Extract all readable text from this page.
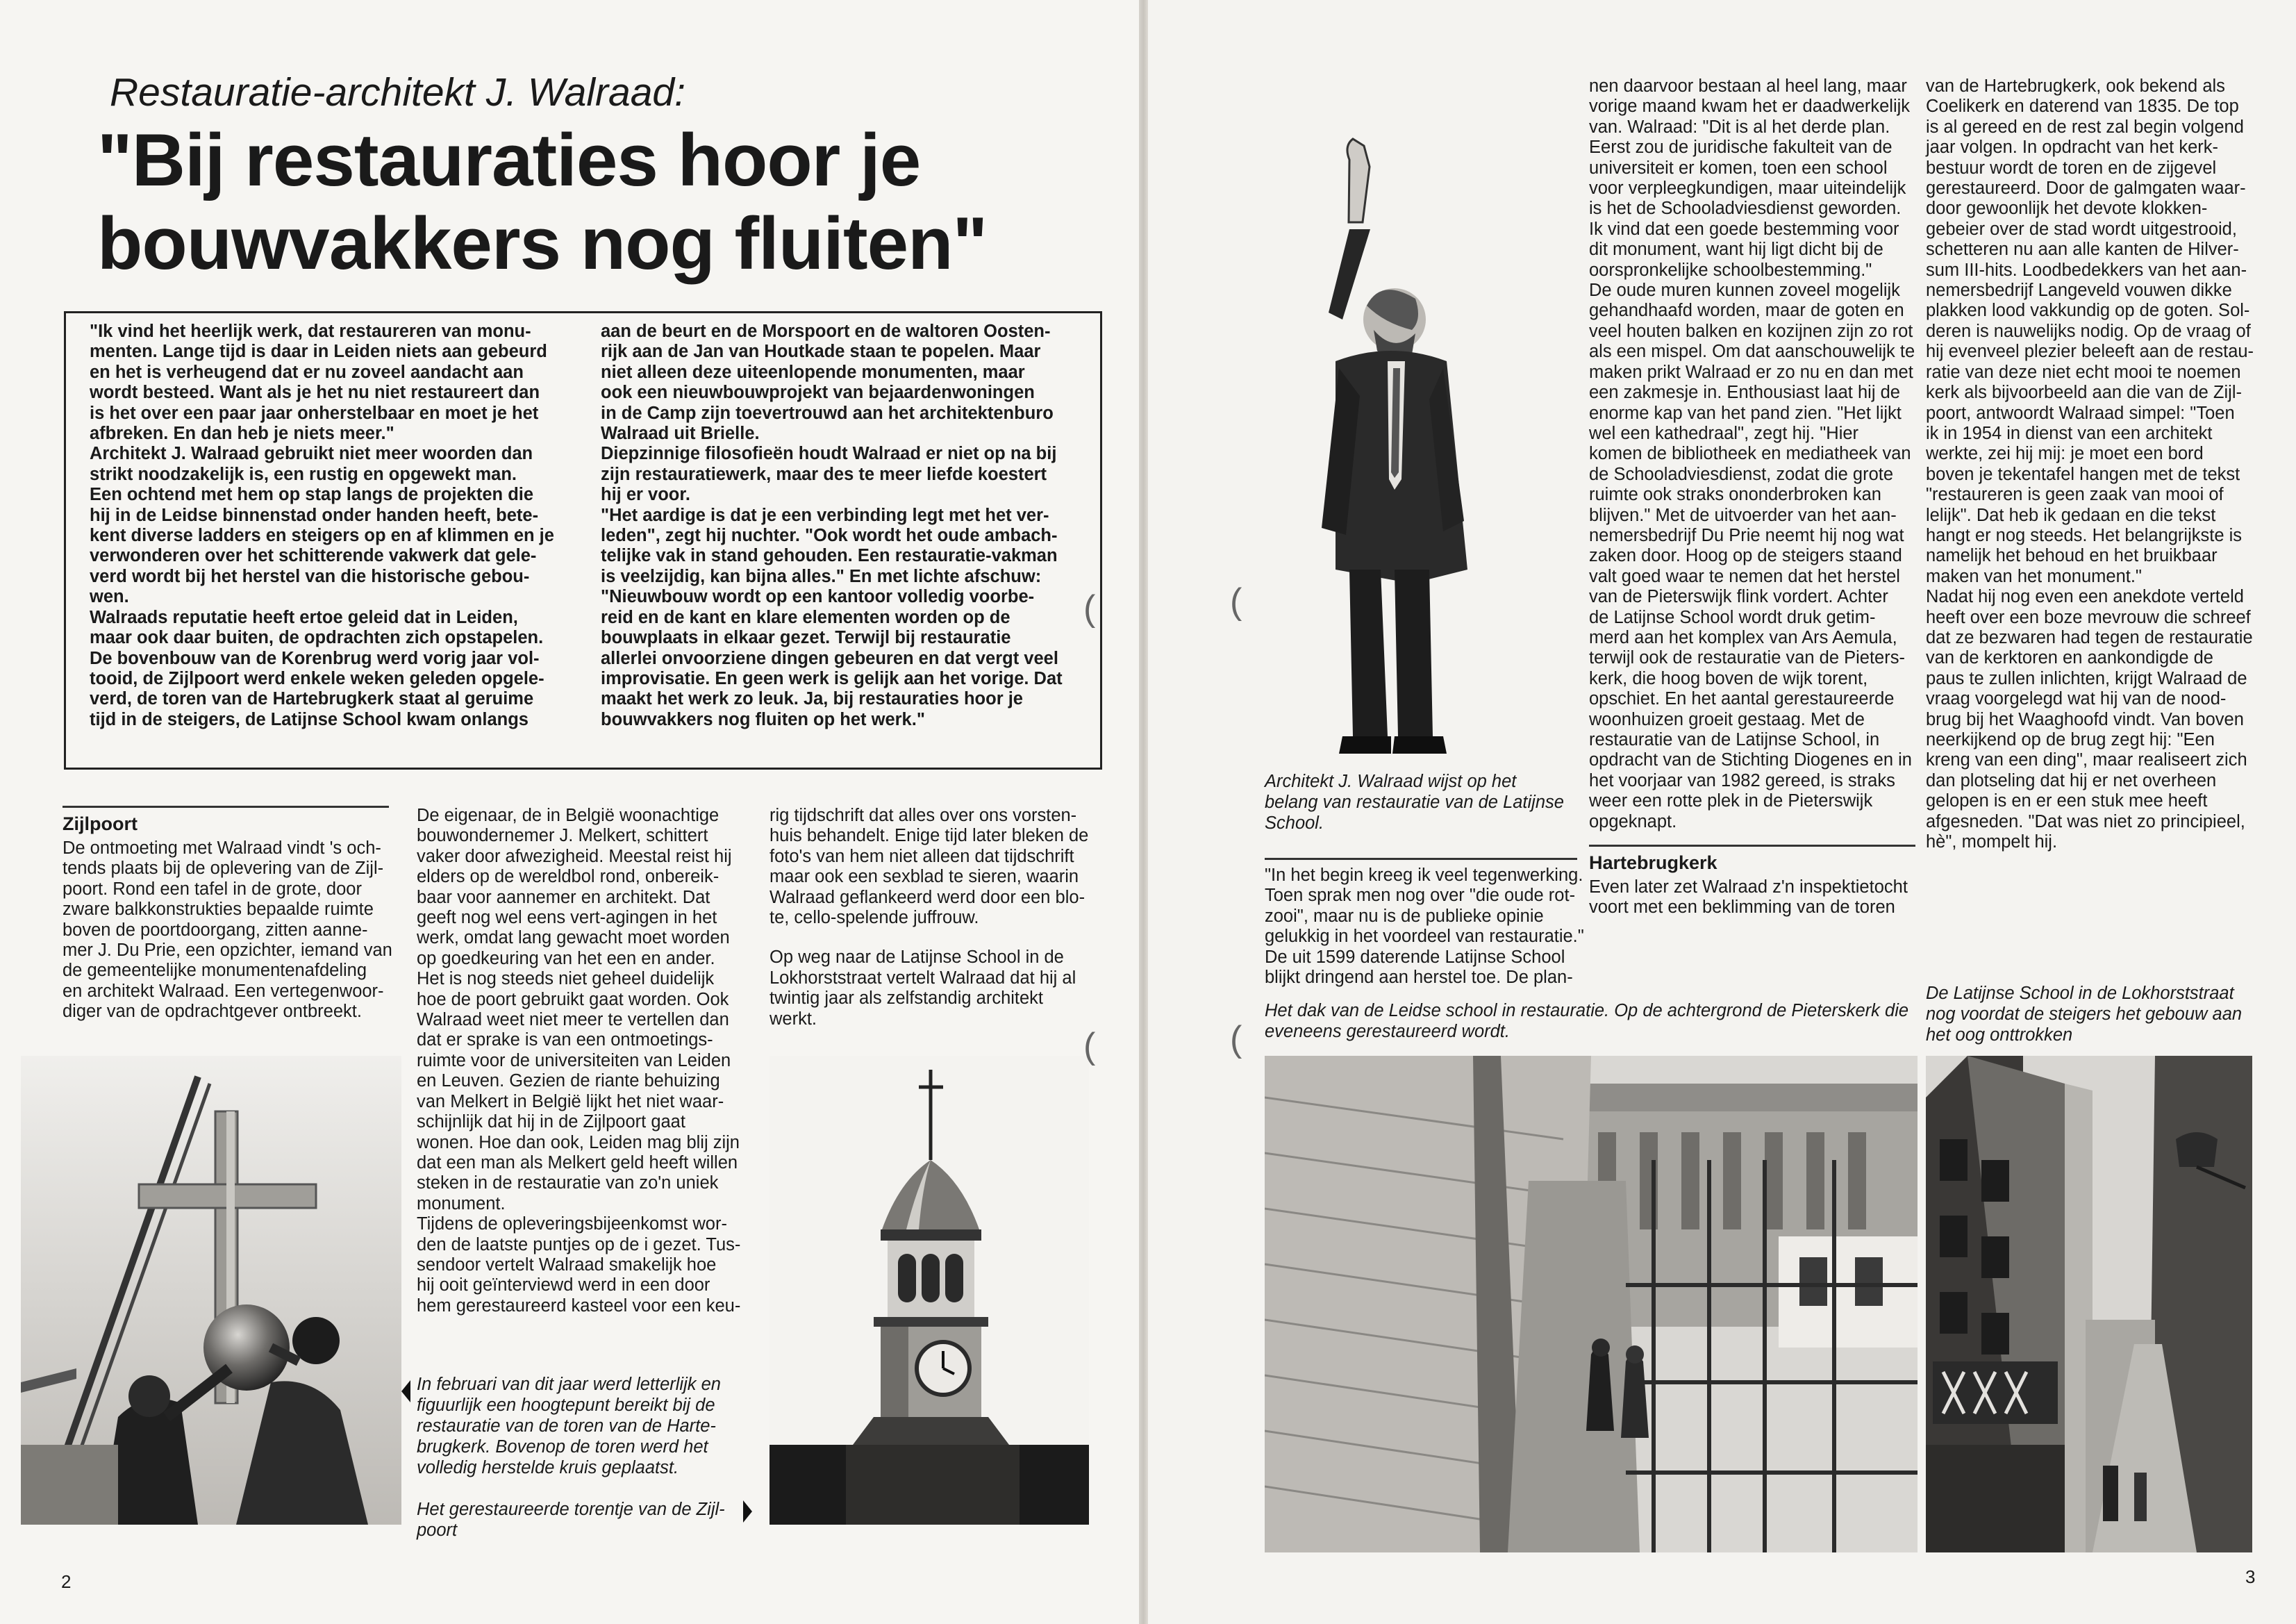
Restauratie-architekt J. Walraad:
"Bij restauraties hoor je
bouwvakkers nog fluiten"
"Ik vind het heerlijk werk, dat restaureren van monu-
menten. Lange tijd is daar in Leiden niets aan gebeurd
en het is verheugend dat er nu zoveel aandacht aan
wordt besteed. Want als je het nu niet restaureert dan
is het over een paar jaar onherstelbaar en moet je het
afbreken. En dan heb je niets meer."
Architekt J. Walraad gebruikt niet meer woorden dan
strikt noodzakelijk is, een rustig en opgewekt man.
Een ochtend met hem op stap langs de projekten die
hij in de Leidse binnenstad onder handen heeft, bete-
kent diverse ladders en steigers op en af klimmen en je
verwonderen over het schitterende vakwerk dat gele-
verd wordt bij het herstel van die historische gebou-
wen.
Walraads reputatie heeft ertoe geleid dat in Leiden,
maar ook daar buiten, de opdrachten zich opstapelen.
De bovenbouw van de Korenbrug werd vorig jaar vol-
tooid, de Zijlpoort werd enkele weken geleden opgele-
verd, de toren van de Hartebrugkerk staat al geruime
tijd in de steigers, de Latijnse School kwam onlangs
aan de beurt en de Morspoort en de waltoren Oosten-
rijk aan de Jan van Houtkade staan te popelen. Maar
niet alleen deze uiteenlopende monumenten, maar
ook een nieuwbouwprojekt van bejaardenwoningen
in de Camp zijn toevertrouwd aan het architektenburo
Walraad uit Brielle.
Diepzinnige filosofieën houdt Walraad er niet op na bij
zijn restauratiewerk, maar des te meer liefde koestert
hij er voor.
"Het aardige is dat je een verbinding legt met het ver-
leden", zegt hij nuchter. "Ook wordt het oude ambach-
telijke vak in stand gehouden. Een restauratie-vakman
is veelzijdig, kan bijna alles." En met lichte afschuw:
"Nieuwbouw wordt op een kantoor volledig voorbe-
reid en de kant en klare elementen worden op de
bouwplaats in elkaar gezet. Terwijl bij restauratie
allerlei onvoorziene dingen gebeuren en dat vergt veel
improvisatie. En geen werk is gelijk aan het vorige. Dat
maakt het werk zo leuk. Ja, bij restauraties hoor je
bouwvakkers nog fluiten op het werk."
Zijlpoort
De ontmoeting met Walraad vindt 's och-
tends plaats bij de oplevering van de Zijl-
poort. Rond een tafel in de grote, door
zware balkkonstrukties bepaalde ruimte
boven de poortdoorgang, zitten aanne-
mer J. Du Prie, een opzichter, iemand van
de gemeentelijke monumentenafdeling
en architekt Walraad. Een vertegenwoor-
diger van de opdrachtgever ontbreekt.
De eigenaar, de in België woonachtige
bouwondernemer J. Melkert, schittert
vaker door afwezigheid. Meestal reist hij
elders op de wereldbol rond, onbereik-
baar voor aannemer en architekt. Dat
geeft nog wel eens vert-agingen in het
werk, omdat lang gewacht moet worden
op goedkeuring van het een en ander.
Het is nog steeds niet geheel duidelijk
hoe de poort gebruikt gaat worden. Ook
Walraad weet niet meer te vertellen dan
dat er sprake is van een ontmoetings-
ruimte voor de universiteiten van Leiden
en Leuven. Gezien de riante behuizing
van Melkert in België lijkt het niet waar-
schijnlijk dat hij in de Zijlpoort gaat
wonen. Hoe dan ook, Leiden mag blij zijn
dat een man als Melkert geld heeft willen
steken in de restauratie van zo'n uniek
monument.
Tijdens de opleveringsbijeenkomst wor-
den de laatste puntjes op de i gezet. Tus-
sendoor vertelt Walraad smakelijk hoe
hij ooit geïnterviewd werd in een door
hem gerestaureerd kasteel voor een keu-
rig tijdschrift dat alles over ons vorsten-
huis behandelt. Enige tijd later bleken de
foto's van hem niet alleen dat tijdschrift
maar ook een sexblad te sieren, waarin
Walraad geflankeerd werd door een blo-
te, cello-spelende juffrouw.
Op weg naar de Latijnse School in de
Lokhorststraat vertelt Walraad dat hij al
twintig jaar als zelfstandig architekt
werkt.
In februari van dit jaar werd letterlijk en
figuurlijk een hoogtepunt bereikt bij de
restauratie van de toren van de Harte-
brugkerk. Bovenop de toren werd het
volledig herstelde kruis geplaatst.
Het gerestaureerde torentje van de Zijl-
poort
(
(
2
Architekt J. Walraad wijst op het
belang van restauratie van de Latijnse
School.
"In het begin kreeg ik veel tegenwerking.
Toen sprak men nog over "die oude rot-
zooi", maar nu is de publieke opinie
gelukkig in het voordeel van restauratie."
De uit 1599 daterende Latijnse School
blijkt dringend aan herstel toe. De plan-
nen daarvoor bestaan al heel lang, maar
vorige maand kwam het er daadwerkelijk
van. Walraad: "Dit is al het derde plan.
Eerst zou de juridische fakulteit van de
universiteit er komen, toen een school
voor verpleegkundigen, maar uiteindelijk
is het de Schooladviesdienst geworden.
Ik vind dat een goede bestemming voor
dit monument, want hij ligt dicht bij de
oorspronkelijke schoolbestemming."
De oude muren kunnen zoveel mogelijk
gehandhaafd worden, maar de goten en
veel houten balken en kozijnen zijn zo rot
als een mispel. Om dat aanschouwelijk te
maken prikt Walraad er zo nu en dan met
een zakmesje in. Enthousiast laat hij de
enorme kap van het pand zien. "Het lijkt
wel een kathedraal", zegt hij. "Hier
komen de bibliotheek en mediatheek van
de Schooladviesdienst, zodat die grote
ruimte ook straks ononderbroken kan
blijven." Met de uitvoerder van het aan-
nemersbedrijf Du Prie neemt hij nog wat
zaken door. Hoog op de steigers staand
valt goed waar te nemen dat het herstel
van de Pieterswijk flink vordert. Achter
de Latijnse School wordt druk getim-
merd aan het komplex van Ars Aemula,
terwijl ook de restauratie van de Pieters-
kerk, die hoog boven de wijk torent,
opschiet. En het aantal gerestaureerde
woonhuizen groeit gestaag. Met de
restauratie van de Latijnse School, in
opdracht van de Stichting Diogenes en in
het voorjaar van 1982 gereed, is straks
weer een rotte plek in de Pieterswijk
opgeknapt.
Hartebrugkerk
Even later zet Walraad z'n inspektietocht
voort met een beklimming van de toren
van de Hartebrugkerk, ook bekend als
Coelikerk en daterend van 1835. De top
is al gereed en de rest zal begin volgend
jaar volgen. In opdracht van het kerk-
bestuur wordt de toren en de zijgevel
gerestaureerd. Door de galmgaten waar-
door gewoonlijk het devote klokken-
gebeier over de stad wordt uitgestrooid,
schetteren nu aan alle kanten de Hilver-
sum III-hits. Loodbedekkers van het aan-
nemersbedrijf Langeveld vouwen dikke
plakken lood vakkundig op de goten. Sol-
deren is nauwelijks nodig. Op de vraag of
hij evenveel plezier beleeft aan de restau-
ratie van deze niet echt mooi te noemen
kerk als bijvoorbeeld aan die van de Zijl-
poort, antwoordt Walraad simpel: "Toen
ik in 1954 in dienst van een architekt
werkte, zei hij mij: je moet een bord
boven je tekentafel hangen met de tekst
"restaureren is geen zaak van mooi of
lelijk". Dat heb ik gedaan en die tekst
hangt er nog steeds. Het belangrijkste is
namelijk het behoud en het bruikbaar
maken van het monument."
Nadat hij nog even een anekdote verteld
heeft over een boze mevrouw die schreef
dat ze bezwaren had tegen de restauratie
van de kerktoren en aankondigde de
paus te zullen inlichten, krijgt Walraad de
vraag voorgelegd wat hij van de nood-
brug bij het Waaghoofd vindt. Van boven
neerkijkend op de brug zegt hij: "Een
kreng van een ding", maar realiseert zich
dan plotseling dat hij er net overheen
gelopen is en er een stuk mee heeft
afgesneden. "Dat was niet zo principieel,
hè", mompelt hij.
Het dak van de Leidse school in restauratie. Op de achtergrond de Pieterskerk die
eveneens gerestaureerd wordt.
De Latijnse School in de Lokhorststraat
nog voordat de steigers het gebouw aan
het oog onttrokken
(
(
3
